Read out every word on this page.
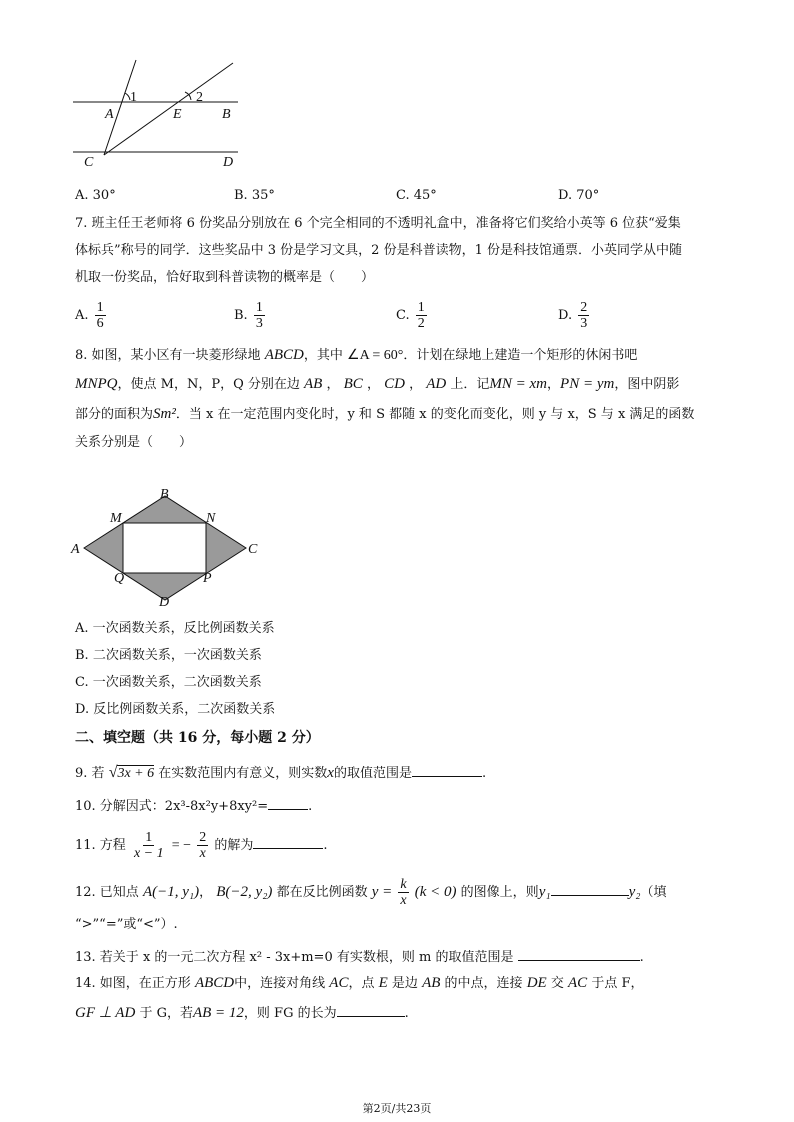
1	2
A	E	B
C	D
A. 30°	B. 35°	C. 45°	D. 70°
7. 班主任王老师将 6 份奖品分别放在 6 个完全相同的不透明礼盒中，准备将它们奖给小英等 6 位获“爱集
体标兵”称号的同学．这些奖品中 3 份是学习文具，2 份是科普读物，1 份是科技馆通票．小英同学从中随
机取一份奖品，恰好取到科普读物的概率是（　　）
A. $\frac{1}{6}$	B. $\frac{1}{3}$	C. $\frac{1}{2}$	D. $\frac{2}{3}$
8. 如图，某小区有一块菱形绿地 ABCD，其中 ∠A = 60°．计划在绿地上建造一个矩形的休闲书吧
MNPQ，使点 M，N，P，Q 分别在边 AB ， BC ， CD ， AD 上．记MN = xm，PN = ym，图中阴影
部分的面积为Sm²．当 x 在一定范围内变化时，y 和 S 都随 x 的变化而变化，则 y 与 x，S 与 x 满足的函数
关系分别是（　　）
B
A	C
D
M	N
P
Q
A. 一次函数关系，反比例函数关系
B. 二次函数关系，一次函数关系
C. 一次函数关系，二次函数关系
D. 反比例函数关系，二次函数关系
二、填空题（共 16 分，每小题 2 分）
9. 若 √3x + 6 在实数范围内有意义，则实数x的取值范围是	.
10. 分解因式：2x³-8x²y+8xy²=	.
11. 方程 $\frac{1}{x - 1}$ = − $\frac{2}{x}$ 的解为	.
12. 已知点 A(−1, y₁)， B(−2, y₂) 都在反比例函数 $y = \frac{k}{x} (k < 0)$ 的图像上，则y₁	y₂（填
“>”“=”或“<”）.
13. 若关于 x 的一元二次方程 x² - 3x+m=0 有实数根，则 m 的取值范围是	.
14. 如图，在正方形 ABCD中，连接对角线 AC，点 E 是边 AB 的中点，连接 DE 交 AC 于点 F，
GF ⊥ AD 于 G，若AB = 12，则 FG 的长为	.
第2页/共23页
